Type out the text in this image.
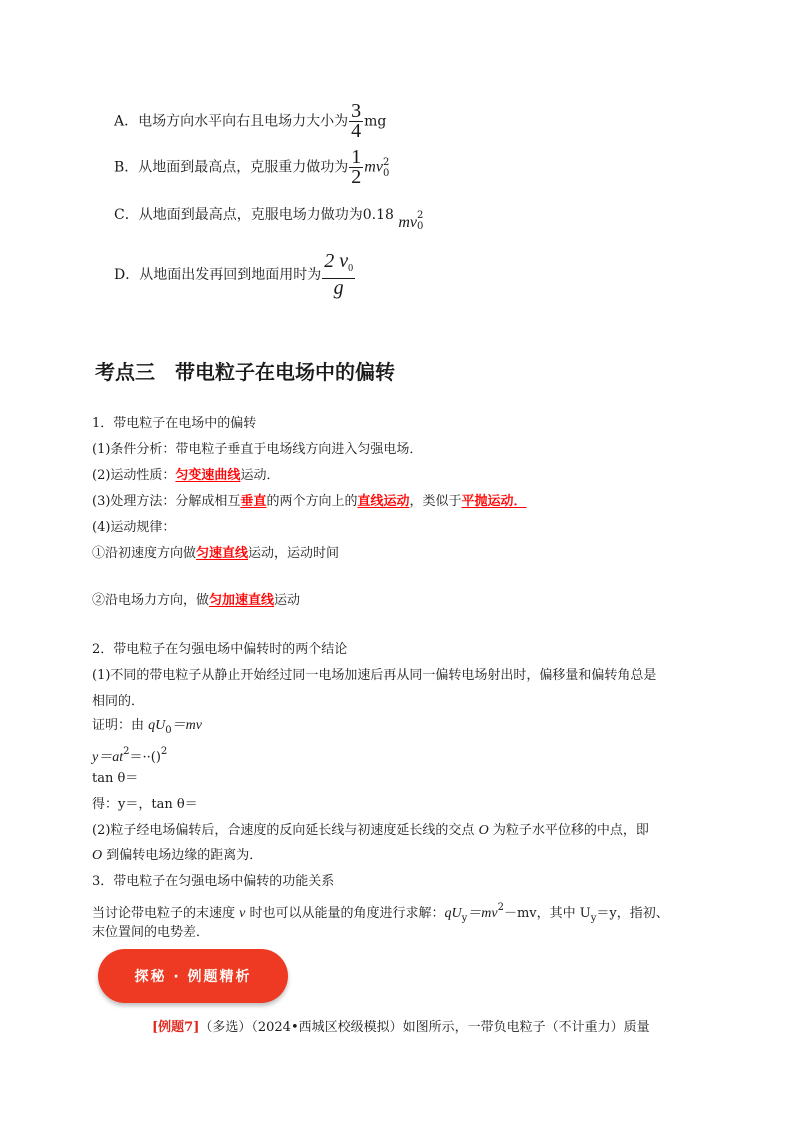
A．电场方向水平向右且电场力大小为 $\frac{3}{4}$ mg
B．从地面到最高点，克服重力做功为 $\frac{1}{2}$ mv 2
0
C．从地面到最高点，克服电场力做功为0.18 mv 2
0
D．从地面出发再回到地面用时为 $\frac{2 v_0}{g}$
考点三　带电粒子在电场中的偏转
1．带电粒子在电场中的偏转
(1)条件分析：带电粒子垂直于电场线方向进入匀强电场．
(2)运动性质：匀变速曲线运动．
(3)处理方法：分解成相互垂直的两个方向上的直线运动，类似于平抛运动．
(4)运动规律：
①沿初速度方向做匀速直线运动，运动时间
②沿电场力方向，做匀加速直线运动
2．带电粒子在匀强电场中偏转时的两个结论
(1)不同的带电粒子从静止开始经过同一电场加速后再从同一偏转电场射出时，偏移量和偏转角总是
相同的．
证明：由 $qU_0=mv$
$y=at^2=\cdot\cdot()^2$
tan θ＝
得：y＝，tan θ＝
(2)粒子经电场偏转后，合速度的反向延长线与初速度延长线的交点 O 为粒子水平位移的中点，即
O 到偏转电场边缘的距离为．
3．带电粒子在匀强电场中偏转的功能关系
当讨论带电粒子的末速度 v 时也可以从能量的角度进行求解：$qU_y=mv^2-mv$，其中 $U_y=y$，指初、
末位置间的电势差．
探秘 · 例题精析
[例题7]（多选）（2024•西城区校级模拟）如图所示，一带负电粒子（不计重力）质量
